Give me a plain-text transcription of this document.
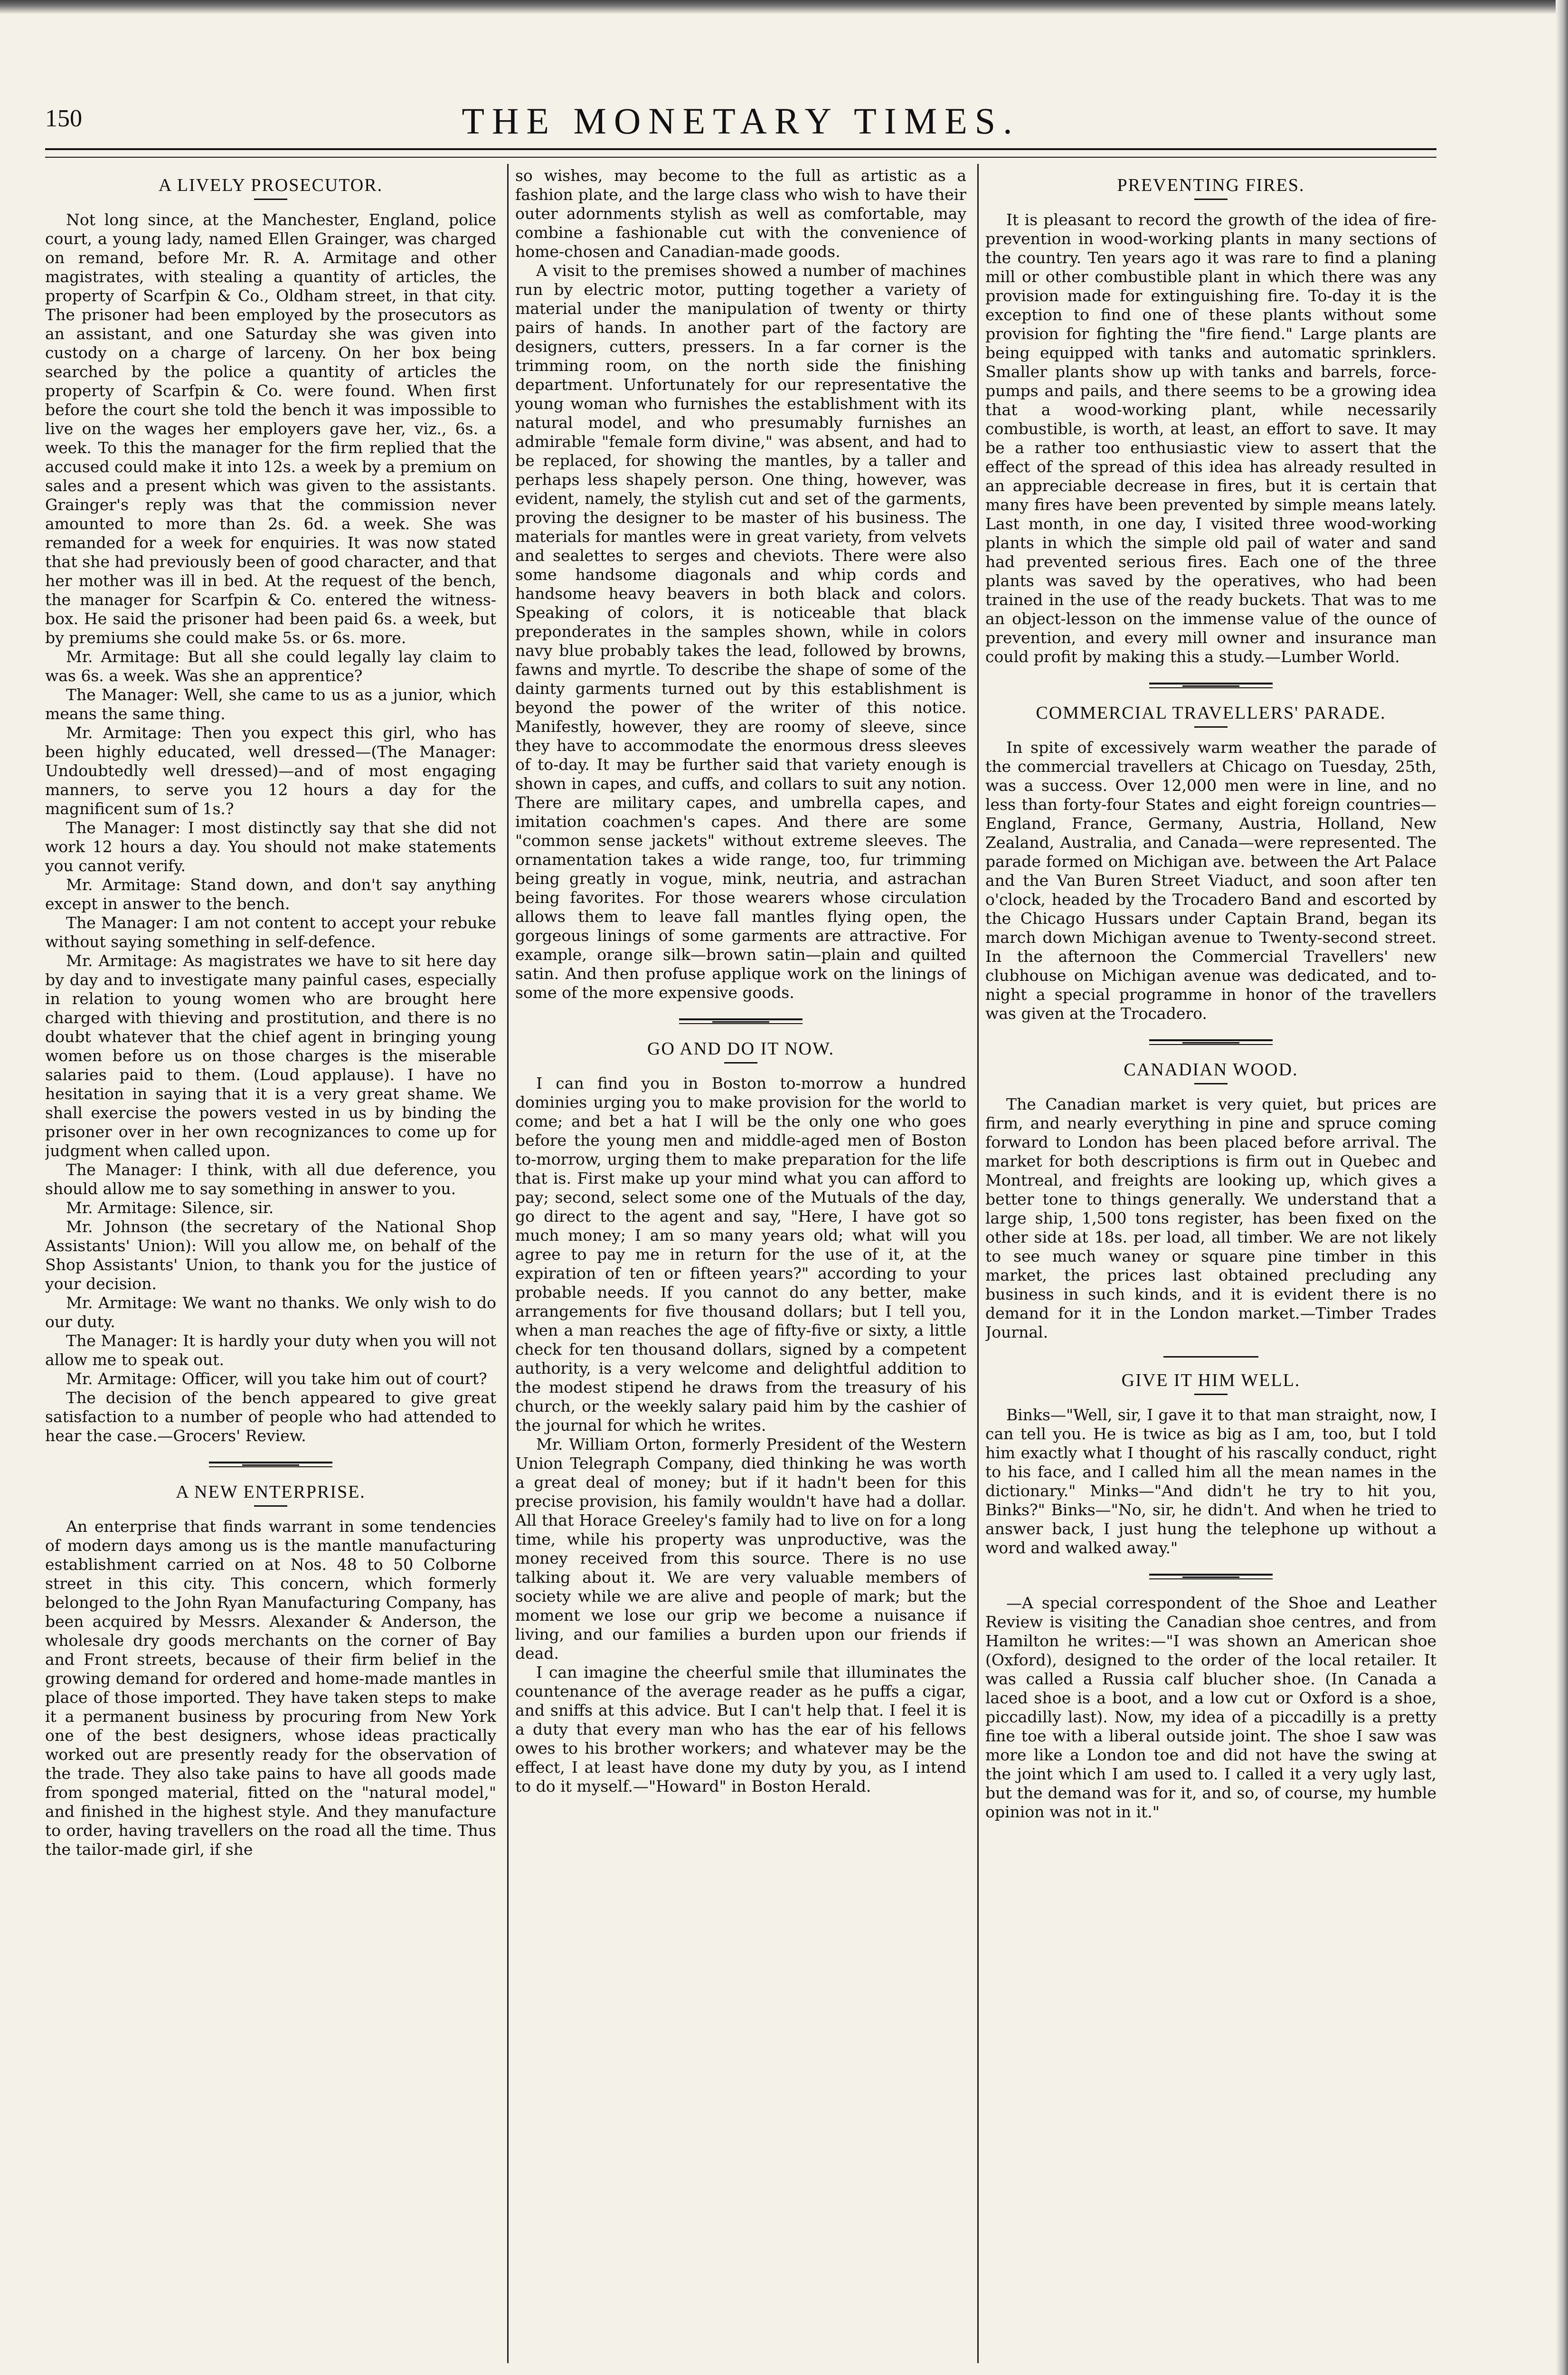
150	THE MONETARY TIMES.
A LIVELY PROSECUTOR.

Not long since, at the Manchester, England, police court, a young lady, named Ellen Grainger, was charged on remand, before Mr. R. A. Armitage and other magistrates, with stealing a quantity of articles, the property of Scarfpin & Co., Oldham street, in that city. The prisoner had been employed by the prosecutors as an assistant, and one Saturday she was given into custody on a charge of larceny. On her box being searched by the police a quantity of articles the property of Scarfpin & Co. were found. When first before the court she told the bench it was impossible to live on the wages her employers gave her, viz., 6s. a week. To this the manager for the firm replied that the accused could make it into 12s. a week by a premium on sales and a present which was given to the assistants. Grainger's reply was that the commission never amounted to more than 2s. 6d. a week. She was remanded for a week for enquiries. It was now stated that she had previously been of good character, and that her mother was ill in bed. At the request of the bench, the manager for Scarfpin & Co. entered the witness-box. He said the prisoner had been paid 6s. a week, but by premiums she could make 5s. or 6s. more.

Mr. Armitage: But all she could legally lay claim to was 6s. a week. Was she an apprentice?

The Manager: Well, she came to us as a junior, which means the same thing.

Mr. Armitage: Then you expect this girl, who has been highly educated, well dressed—(The Manager: Undoubtedly well dressed)—and of most engaging manners, to serve you 12 hours a day for the magnificent sum of 1s.?

The Manager: I most distinctly say that she did not work 12 hours a day. You should not make statements you cannot verify.

Mr. Armitage: Stand down, and don't say anything except in answer to the bench.

The Manager: I am not content to accept your rebuke without saying something in self-defence.

Mr. Armitage: As magistrates we have to sit here day by day and to investigate many painful cases, especially in relation to young women who are brought here charged with thieving and prostitution, and there is no doubt whatever that the chief agent in bringing young women before us on those charges is the miserable salaries paid to them. (Loud applause). I have no hesitation in saying that it is a very great shame. We shall exercise the powers vested in us by binding the prisoner over in her own recognizances to come up for judgment when called upon.

The Manager: I think, with all due deference, you should allow me to say something in answer to you.

Mr. Armitage: Silence, sir.

Mr. Johnson (the secretary of the National Shop Assistants' Union): Will you allow me, on behalf of the Shop Assistants' Union, to thank you for the justice of your decision.

Mr. Armitage: We want no thanks. We only wish to do our duty.

The Manager: It is hardly your duty when you will not allow me to speak out.

Mr. Armitage: Officer, will you take him out of court?

The decision of the bench appeared to give great satisfaction to a number of people who had attended to hear the case.—Grocers' Review.

A NEW ENTERPRISE.

An enterprise that finds warrant in some tendencies of modern days among us is the mantle manufacturing establishment carried on at Nos. 48 to 50 Colborne street in this city. This concern, which formerly belonged to the John Ryan Manufacturing Company, has been acquired by Messrs. Alexander & Anderson, the wholesale dry goods merchants on the corner of Bay and Front streets, because of their firm belief in the growing demand for ordered and home-made mantles in place of those imported. They have taken steps to make it a permanent business by procuring from New York one of the best designers, whose ideas practically worked out are presently ready for the observation of the trade. They also take pains to have all goods made from sponged material, fitted on the "natural model," and finished in the highest style. And they manufacture to order, having travellers on the road all the time. Thus the tailor-made girl, if she

so wishes, may become to the full as artistic as a fashion plate, and the large class who wish to have their outer adornments stylish as well as comfortable, may combine a fashionable cut with the convenience of home-chosen and Canadian-made goods.

A visit to the premises showed a number of machines run by electric motor, putting together a variety of material under the manipulation of twenty or thirty pairs of hands. In another part of the factory are designers, cutters, pressers. In a far corner is the trimming room, on the north side the finishing department. Unfortunately for our representative the young woman who furnishes the establishment with its natural model, and who presumably furnishes an admirable "female form divine," was absent, and had to be replaced, for showing the mantles, by a taller and perhaps less shapely person. One thing, however, was evident, namely, the stylish cut and set of the garments, proving the designer to be master of his business. The materials for mantles were in great variety, from velvets and sealettes to serges and cheviots. There were also some handsome diagonals and whip cords and handsome heavy beavers in both black and colors. Speaking of colors, it is noticeable that black preponderates in the samples shown, while in colors navy blue probably takes the lead, followed by browns, fawns and myrtle. To describe the shape of some of the dainty garments turned out by this establishment is beyond the power of the writer of this notice. Manifestly, however, they are roomy of sleeve, since they have to accommodate the enormous dress sleeves of to-day. It may be further said that variety enough is shown in capes, and cuffs, and collars to suit any notion. There are military capes, and umbrella capes, and imitation coachmen's capes. And there are some "common sense jackets" without extreme sleeves. The ornamentation takes a wide range, too, fur trimming being greatly in vogue, mink, neutria, and astrachan being favorites. For those wearers whose circulation allows them to leave fall mantles flying open, the gorgeous linings of some garments are attractive. For example, orange silk—brown satin—plain and quilted satin. And then profuse applique work on the linings of some of the more expensive goods.

GO AND DO IT NOW.

I can find you in Boston to-morrow a hundred dominies urging you to make provision for the world to come; and bet a hat I will be the only one who goes before the young men and middle-aged men of Boston to-morrow, urging them to make preparation for the life that is. First make up your mind what you can afford to pay; second, select some one of the Mutuals of the day, go direct to the agent and say, "Here, I have got so much money; I am so many years old; what will you agree to pay me in return for the use of it, at the expiration of ten or fifteen years?" according to your probable needs. If you cannot do any better, make arrangements for five thousand dollars; but I tell you, when a man reaches the age of fifty-five or sixty, a little check for ten thousand dollars, signed by a competent authority, is a very welcome and delightful addition to the modest stipend he draws from the treasury of his church, or the weekly salary paid him by the cashier of the journal for which he writes.

Mr. William Orton, formerly President of the Western Union Telegraph Company, died thinking he was worth a great deal of money; but if it hadn't been for this precise provision, his family wouldn't have had a dollar. All that Horace Greeley's family had to live on for a long time, while his property was unproductive, was the money received from this source. There is no use talking about it. We are very valuable members of society while we are alive and people of mark; but the moment we lose our grip we become a nuisance if living, and our families a burden upon our friends if dead.

I can imagine the cheerful smile that illuminates the countenance of the average reader as he puffs a cigar, and sniffs at this advice. But I can't help that. I feel it is a duty that every man who has the ear of his fellows owes to his brother workers; and whatever may be the effect, I at least have done my duty by you, as I intend to do it myself.—"Howard" in Boston Herald.

PREVENTING FIRES.

It is pleasant to record the growth of the idea of fire-prevention in wood-working plants in many sections of the country. Ten years ago it was rare to find a planing mill or other combustible plant in which there was any provision made for extinguishing fire. To-day it is the exception to find one of these plants without some provision for fighting the "fire fiend." Large plants are being equipped with tanks and automatic sprinklers. Smaller plants show up with tanks and barrels, force-pumps and pails, and there seems to be a growing idea that a wood-working plant, while necessarily combustible, is worth, at least, an effort to save. It may be a rather too enthusiastic view to assert that the effect of the spread of this idea has already resulted in an appreciable decrease in fires, but it is certain that many fires have been prevented by simple means lately. Last month, in one day, I visited three wood-working plants in which the simple old pail of water and sand had prevented serious fires. Each one of the three plants was saved by the operatives, who had been trained in the use of the ready buckets. That was to me an object-lesson on the immense value of the ounce of prevention, and every mill owner and insurance man could profit by making this a study.—Lumber World.

COMMERCIAL TRAVELLERS' PARADE.

In spite of excessively warm weather the parade of the commercial travellers at Chicago on Tuesday, 25th, was a success. Over 12,000 men were in line, and no less than forty-four States and eight foreign countries—England, France, Germany, Austria, Holland, New Zealand, Australia, and Canada—were represented. The parade formed on Michigan ave. between the Art Palace and the Van Buren Street Viaduct, and soon after ten o'clock, headed by the Trocadero Band and escorted by the Chicago Hussars under Captain Brand, began its march down Michigan avenue to Twenty-second street. In the afternoon the Commercial Travellers' new clubhouse on Michigan avenue was dedicated, and to-night a special programme in honor of the travellers was given at the Trocadero.

CANADIAN WOOD.

The Canadian market is very quiet, but prices are firm, and nearly everything in pine and spruce coming forward to London has been placed before arrival. The market for both descriptions is firm out in Quebec and Montreal, and freights are looking up, which gives a better tone to things generally. We understand that a large ship, 1,500 tons register, has been fixed on the other side at 18s. per load, all timber. We are not likely to see much waney or square pine timber in this market, the prices last obtained precluding any business in such kinds, and it is evident there is no demand for it in the London market.—Timber Trades Journal.

GIVE IT HIM WELL.

Binks—"Well, sir, I gave it to that man straight, now, I can tell you. He is twice as big as I am, too, but I told him exactly what I thought of his rascally conduct, right to his face, and I called him all the mean names in the dictionary." Minks—"And didn't he try to hit you, Binks?" Binks—"No, sir, he didn't. And when he tried to answer back, I just hung the telephone up without a word and walked away."

—A special correspondent of the Shoe and Leather Review is visiting the Canadian shoe centres, and from Hamilton he writes:—"I was shown an American shoe (Oxford), designed to the order of the local retailer. It was called a Russia calf blucher shoe. (In Canada a laced shoe is a boot, and a low cut or Oxford is a shoe, piccadilly last). Now, my idea of a piccadilly is a pretty fine toe with a liberal outside joint. The shoe I saw was more like a London toe and did not have the swing at the joint which I am used to. I called it a very ugly last, but the demand was for it, and so, of course, my humble opinion was not in it."
